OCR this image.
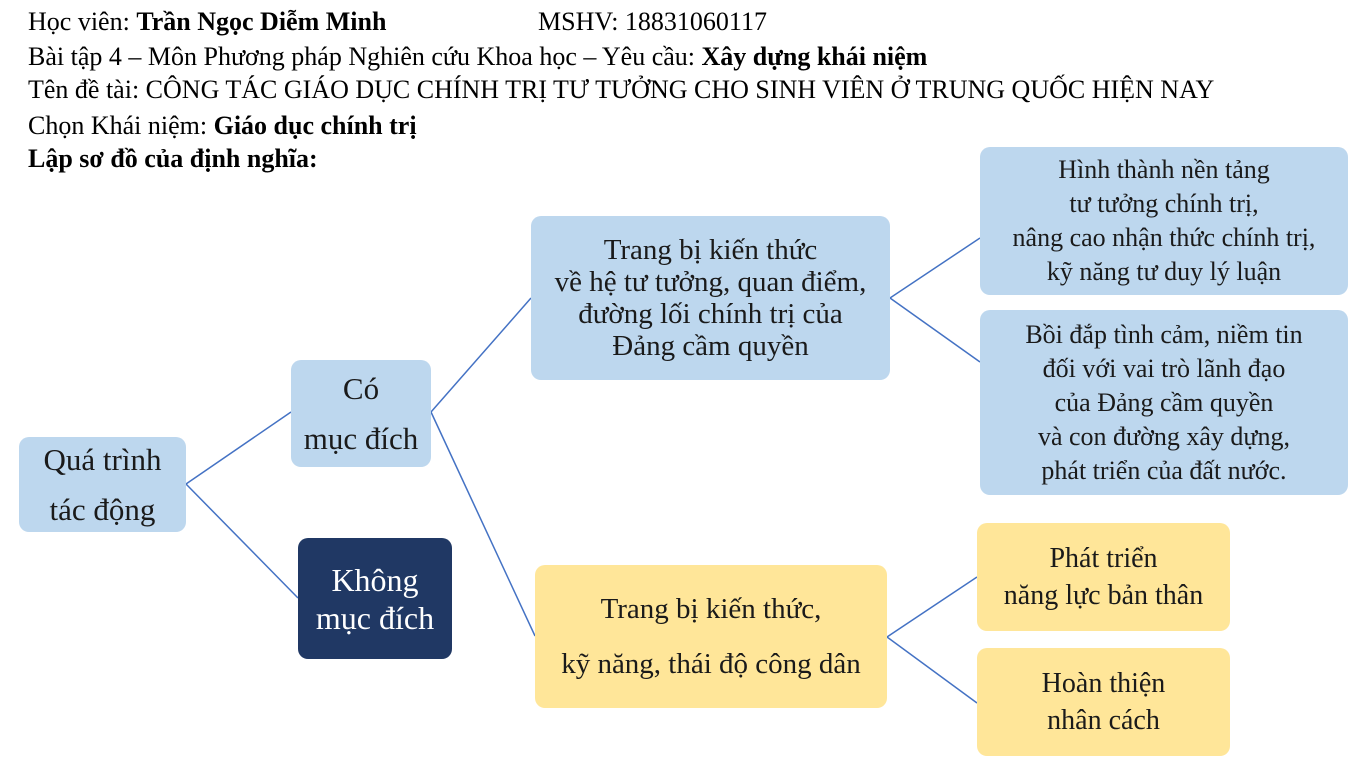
Học viên: Trần Ngọc Diễm Minh	MSHV: 18831060117
Bài tập 4 – Môn Phương pháp Nghiên cứu Khoa học – Yêu cầu: Xây dựng khái niệm
Tên đề tài: CÔNG TÁC GIÁO DỤC CHÍNH TRỊ TƯ TƯỞNG CHO SINH VIÊN Ở TRUNG QUỐC HIỆN NAY
Chọn Khái niệm: Giáo dục chính trị
Lập sơ đồ của định nghĩa:
Quá trình
tác động
Có
mục đích
Không
mục đích
Trang bị kiến thức
về hệ tư tưởng, quan điểm,
đường lối chính trị của
Đảng cầm quyền
Trang bị kiến thức,
kỹ năng, thái độ công dân
Hình thành nền tảng
tư tưởng chính trị,
nâng cao nhận thức chính trị,
kỹ năng tư duy lý luận
Bồi đắp tình cảm, niềm tin
đối với vai trò lãnh đạo
của Đảng cầm quyền
và con đường xây dựng,
phát triển của đất nước.
Phát triển
năng lực bản thân
Hoàn thiện
nhân cách
